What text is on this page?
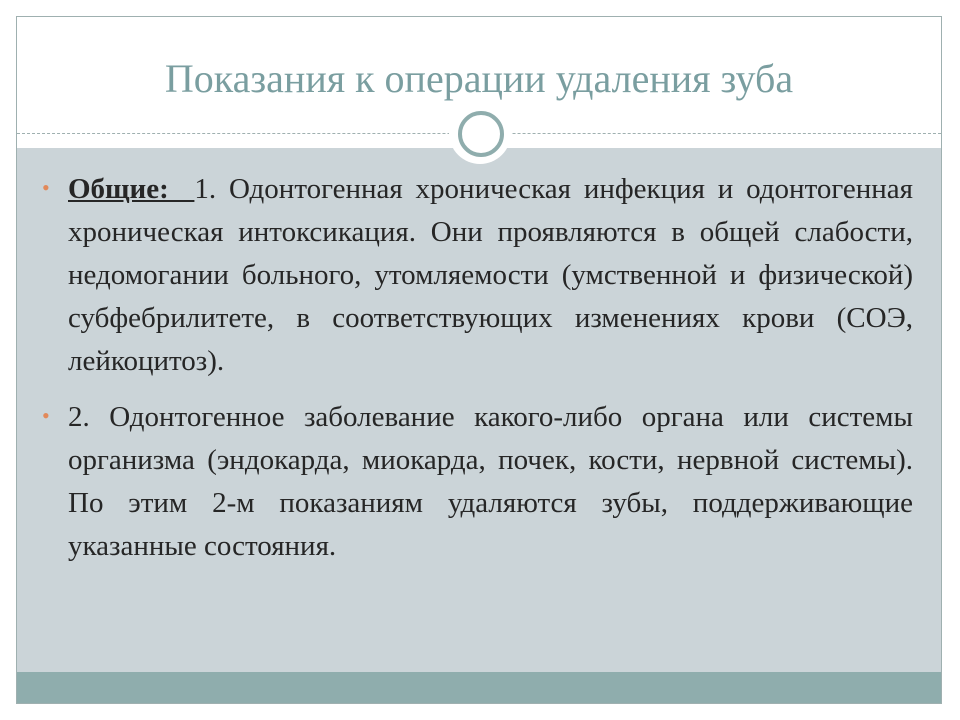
Показания к операции удаления зуба
• Общие:  1. Одонтогенная хроническая инфекция и одонтогенная хроническая интоксикация. Они проявляются в общей слабости, недомогании больного, утомляемости (умственной и физической) субфебрилитете, в соответствующих изменениях крови (СОЭ, лейкоцитоз).
• 2. Одонтогенное заболевание какого-либо органа или системы организма (эндокарда, миокарда, почек, кости, нервной системы). По этим 2-м показаниям удаляются зубы, поддерживающие указанные состояния.
